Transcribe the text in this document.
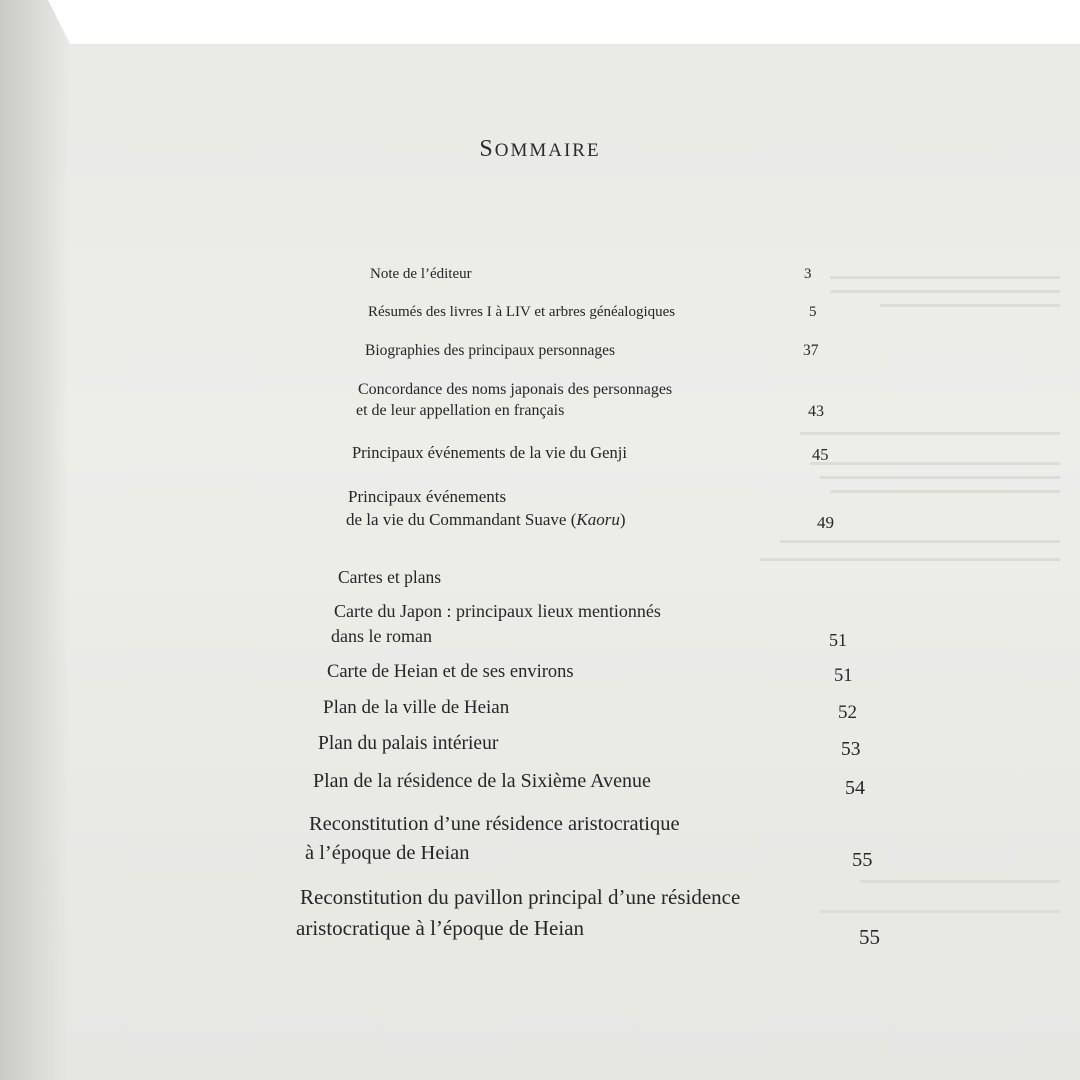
SOMMAIRE
Note de l’éditeur	3
Résumés des livres I à LIV et arbres généalogiques	5
Biographies des principaux personnages	37
Concordance des noms japonais des personnages
et de leur appellation en français	43
Principaux événements de la vie du Genji	45
Principaux événements
de la vie du Commandant Suave (Kaoru)	49
Cartes et plans
Carte du Japon : principaux lieux mentionnés
dans le roman	51
Carte de Heian et de ses environs	51
Plan de la ville de Heian	52
Plan du palais intérieur	53
Plan de la résidence de la Sixième Avenue	54
Reconstitution d’une résidence aristocratique
à l’époque de Heian	55
Reconstitution du pavillon principal d’une résidence
aristocratique à l’époque de Heian	55
